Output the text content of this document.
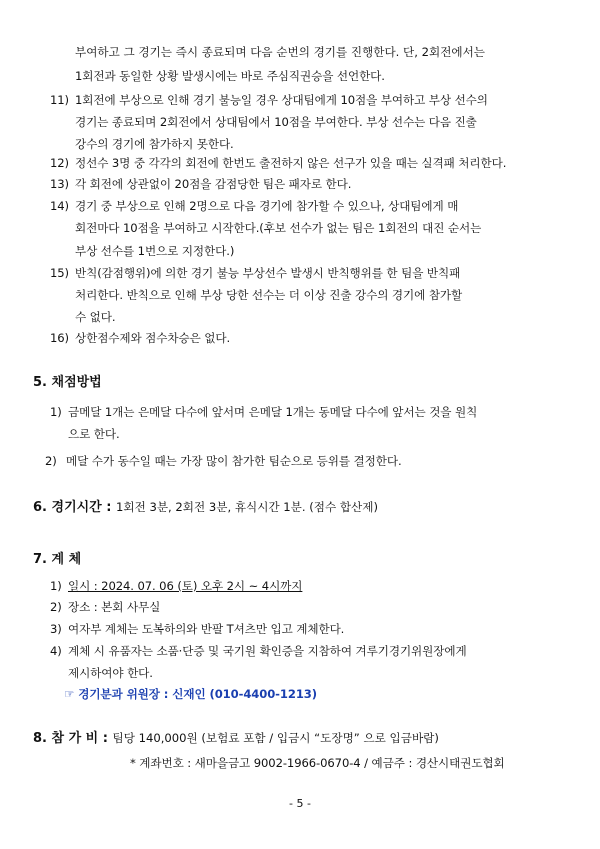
부여하고 그 경기는 즉시 종료되며 다음 순번의 경기를 진행한다. 단, 2회전에서는
1회전과 동일한 상황 발생시에는 바로 주심직권승을 선언한다.
11) 1회전에 부상으로 인해 경기 불능일 경우 상대팀에게 10점을 부여하고 부상 선수의
경기는 종료되며 2회전에서 상대팀에서 10점을 부여한다. 부상 선수는 다음 진출
강수의 경기에 참가하지 못한다.
12) 정선수 3명 중 각각의 회전에 한번도 출전하지 않은 선구가 있을 때는 실격패 처리한다.
13) 각 회전에 상관없이 20점을 감점당한 팀은 패자로 한다.
14) 경기 중 부상으로 인해 2명으로 다음 경기에 참가할 수 있으나, 상대팀에게 매
회전마다 10점을 부여하고 시작한다.(후보 선수가 없는 팀은 1회전의 대진 순서는
부상 선수를 1번으로 지정한다.)
15) 반칙(감점행위)에 의한 경기 불능 부상선수 발생시 반칙행위를 한 팀을 반칙패
처리한다. 반칙으로 인해 부상 당한 선수는 더 이상 진출 강수의 경기에 참가할
수 없다.
16) 상한점수제와 점수차승은 없다.
5. 채점방법
1) 금메달 1개는 은메달 다수에 앞서며 은메달 1개는 동메달 다수에 앞서는 것을 원칙
으로 한다.
2) 메달 수가 동수일 때는 가장 많이 참가한 팀순으로 등위를 결정한다.
6. 경기시간 : 1회전 3분, 2회전 3분, 휴식시간 1분. (점수 합산제)
7. 계 체
1) 일시 : 2024. 07. 06 (토) 오후 2시 ~ 4시까지
2) 장소 : 본회 사무실
3) 여자부 계체는 도복하의와 반팔 T셔츠만 입고 계체한다.
4) 계체 시 유품자는 소품·단증 및 국기원 확인증을 지참하여 겨루기경기위원장에게
제시하여야 한다.
☞ 경기분과 위원장 : 신재인 (010-4400-1213)
8. 참 가 비 : 팀당 140,000원 (보험료 포함 / 입금시 “도장명” 으로 입금바람)
* 계좌번호 : 새마을금고 9002-1966-0670-4 / 예금주 : 경산시태권도협회
- 5 -
